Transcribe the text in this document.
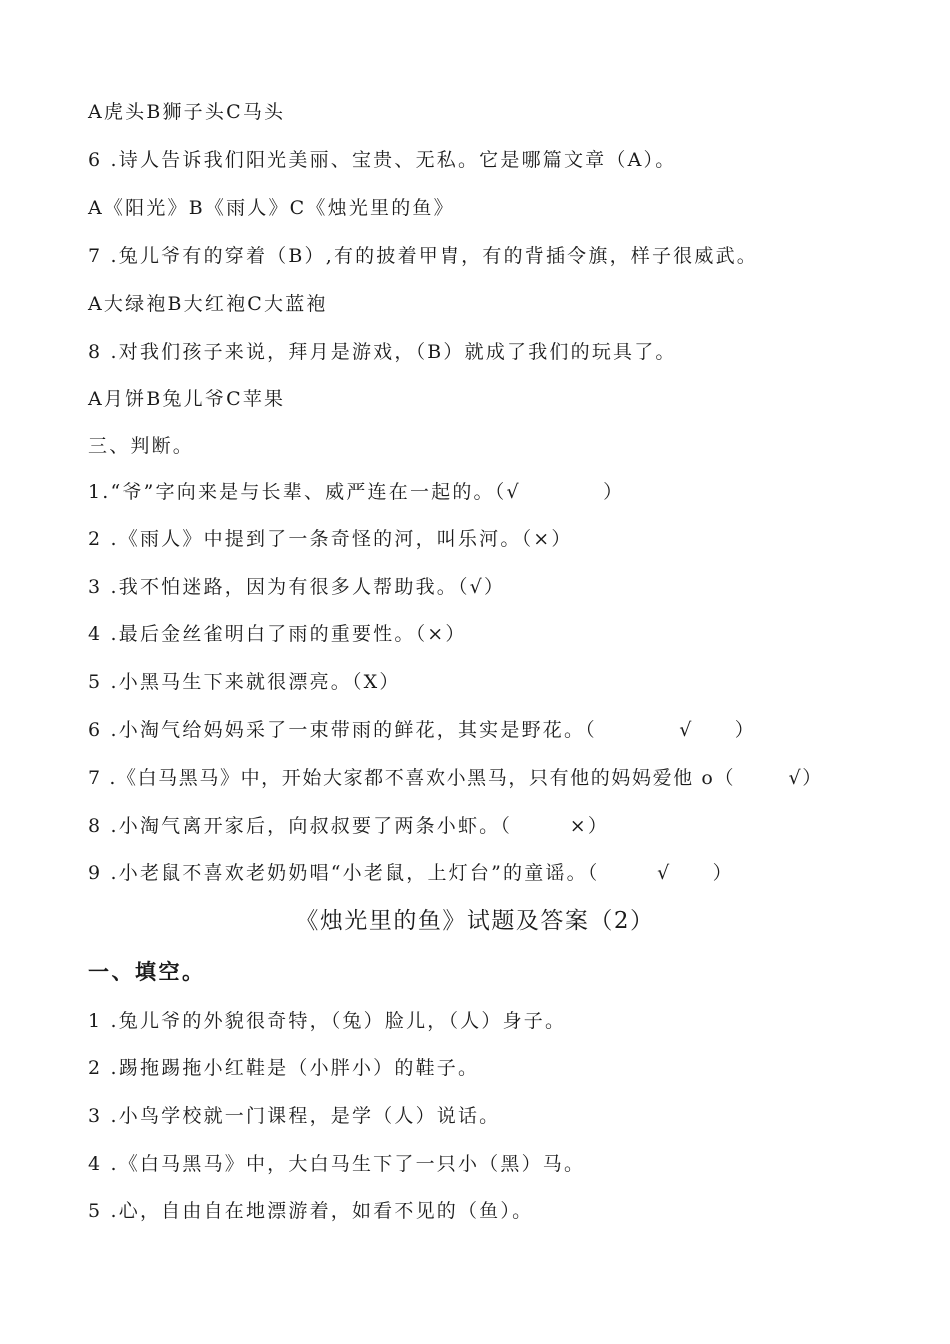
A虎头B狮子头C马头
6 .诗人告诉我们阳光美丽、宝贵、无私。它是哪篇文章（A）。
A《阳光》B《雨人》C《烛光里的鱼》
7 .兔儿爷有的穿着（B）,有的披着甲胄，有的背插令旗，样子很威武。
A大绿袍B大红袍C大蓝袍
8 .对我们孩子来说，拜月是游戏，（B）就成了我们的玩具了。
A月饼B兔儿爷C苹果
三、判断。
1.“爷”字向来是与长辈、威严连在一起的。（√          ）
2 .《雨人》中提到了一条奇怪的河，叫乐河。（×）
3 .我不怕迷路，因为有很多人帮助我。（√）
4 .最后金丝雀明白了雨的重要性。（×）
5 .小黑马生下来就很漂亮。（X）
6 .小淘气给妈妈采了一束带雨的鲜花，其实是野花。（          √     ）
7 .《白马黑马》中，开始大家都不喜欢小黑马，只有他的妈妈爱他 o（       √）
8 .小淘气离开家后，向叔叔要了两条小虾。（       ×）
9 .小老鼠不喜欢老奶奶唱“小老鼠，上灯台”的童谣。（       √     ）
《烛光里的鱼》试题及答案（2）
一、填空。
1 .兔儿爷的外貌很奇特，（兔）脸儿，（人）身子。
2 .踢拖踢拖小红鞋是（小胖小）的鞋子。
3 .小鸟学校就一门课程，是学（人）说话。
4 .《白马黑马》中，大白马生下了一只小（黑）马。
5 .心，自由自在地漂游着，如看不见的（鱼）。
